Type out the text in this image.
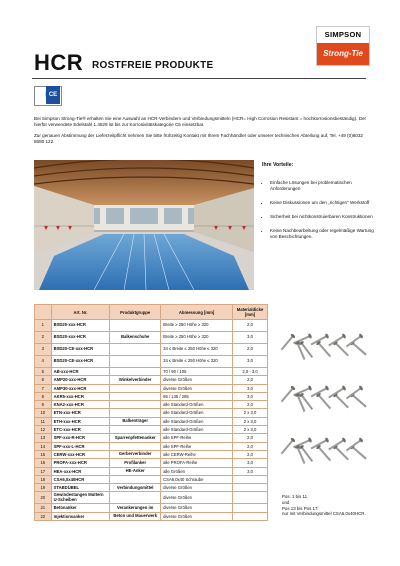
HCR ROSTFREIE PRODUKTE
SIMPSON
Strong-Tie
CE

Bei Simpson Strong-Tie® erhalten Sie eine Auswahl an HCR-Verbindern und Verbindungsmitteln (HCR= High Corrosion Resistant = hochkorrosionsbeständig). Der hierfür verwendete Edelstahl 1.4529 ist bis zur Korrosivitätskategorie C5 einsetzbar.

Zur genauen Abstimmung der Lieferzeitpflicht nehmen Sie bitte frühzeitig Kontakt mit Ihrem Fachhändler oder unserer technischen Abteilung auf, Tel. +49 (0)6032 8680 122.

Ihre Vorteile:
• Einfache Lösungen bei problematischen Anforderungen
• Keine Diskussionen um den „richtigen" Werkstoff
• Sicherheit bei nichtkonstruierbaren Konstruktionen
• Keine Nachbearbeitung oder regelmäßige Wartung von Beschichtungen.
	Art. Nr.	Produktgruppe	Abmessung [mm]	Materialdicke [mm]
1	BSD20-xxx-HCR		Breite ≥ 250 Höhe ≥ 320	2,0
2	BSD20-xxx-HCR	Balkenschuhe	Breite ≥ 250 Höhe ≥ 320	3,0
3	BSD20-CE-xxx-HCR		34 ≤ Breite ≤ 250 Höhe ≤ 320	2,0
4	BSD20-CE-xxx-HCR		34 ≤ Breite ≤ 250 Höhe ≤ 320	3,0
5	AB-xxx-HCR		70 / 90 / 105	2,0 - 3,0
6	AMP20-xxx-HCR	Winkelverbinder	diverse Größen	2,0
7	AMP30-xxx-HCR		diverse Größen	3,0
8	AKR5-xxx-HCR		95 / 135 / 285	3,0
9	KNA2-xxx-HCR		alle Standard-Größen	2,0
10	ETN-xxx-HCR		alle Standard-Größen	2 x 3,0
11	ETH-xxx-HCR	Balkenträger	alle Standard-Größen	2 x 3,0
12	ETC-xxx-HCR		alle Standard-Größen	2 x 3,0
13	SPF-xxx-R-HCR	Sparrenpfettenanker	alle SPF-Reihe	2,0
14	SPF-xxx-L-HCR		alle SPF-Reihe	2,0
15	CERW-xxx-HCR	Gerberverbinder	alle CERW-Reihe	2,0
16	PROFA-xxx-HCR	Profilanker	alle PROFA-Reihe	3,0
17	HEA-xxx-HCR	HE-Anker	alle Größen	3,0
18	CSA6,0x40HCR		CSA6,0x40 Schraube	
19	STABDÜBEL	Verbindungsmittel	diverse Größen	
20	Gewindestangen Muttern U-Scheiben		diverse Größen	
21	Betonanker	Verankerungen im	diverse Größen	
22	Injektionsanker	Beton und Mauerwerk	diverse Größen	
Pos. 1 bis 11
und
Pos 13 bis Pos 17:
nur mit Verbindungsmittel CSA6,0x40HCR.
